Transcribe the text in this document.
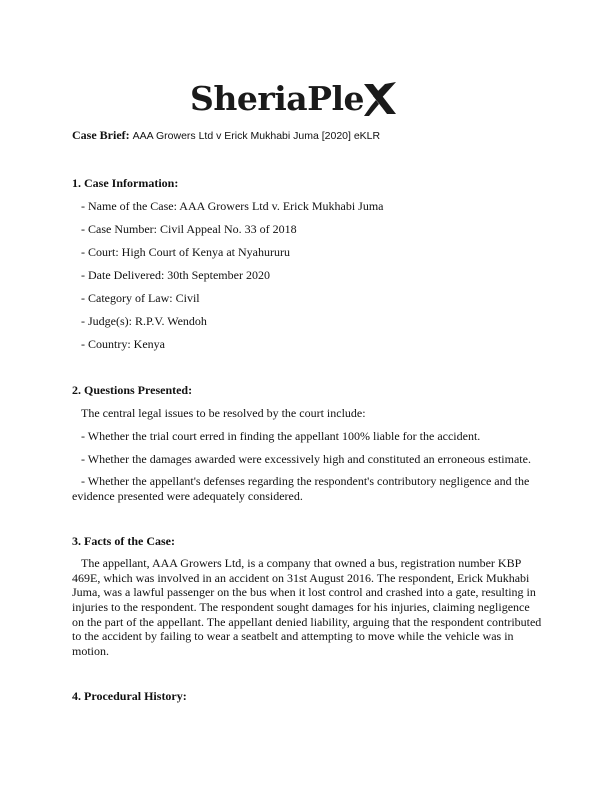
SheriaPle
Case Brief: AAA Growers Ltd v Erick Mukhabi Juma [2020] eKLR
1. Case Information:
- Name of the Case: AAA Growers Ltd v. Erick Mukhabi Juma
- Case Number: Civil Appeal No. 33 of 2018
- Court: High Court of Kenya at Nyahururu
- Date Delivered: 30th September 2020
- Category of Law: Civil
- Judge(s): R.P.V. Wendoh
- Country: Kenya
2. Questions Presented:
The central legal issues to be resolved by the court include:
- Whether the trial court erred in finding the appellant 100% liable for the accident.
- Whether the damages awarded were excessively high and constituted an erroneous estimate.
- Whether the appellant's defenses regarding the respondent's contributory negligence and the evidence presented were adequately considered.
3. Facts of the Case:
The appellant, AAA Growers Ltd, is a company that owned a bus, registration number KBP 469E, which was involved in an accident on 31st August 2016. The respondent, Erick Mukhabi Juma, was a lawful passenger on the bus when it lost control and crashed into a gate, resulting in injuries to the respondent. The respondent sought damages for his injuries, claiming negligence on the part of the appellant. The appellant denied liability, arguing that the respondent contributed to the accident by failing to wear a seatbelt and attempting to move while the vehicle was in motion.
4. Procedural History:
